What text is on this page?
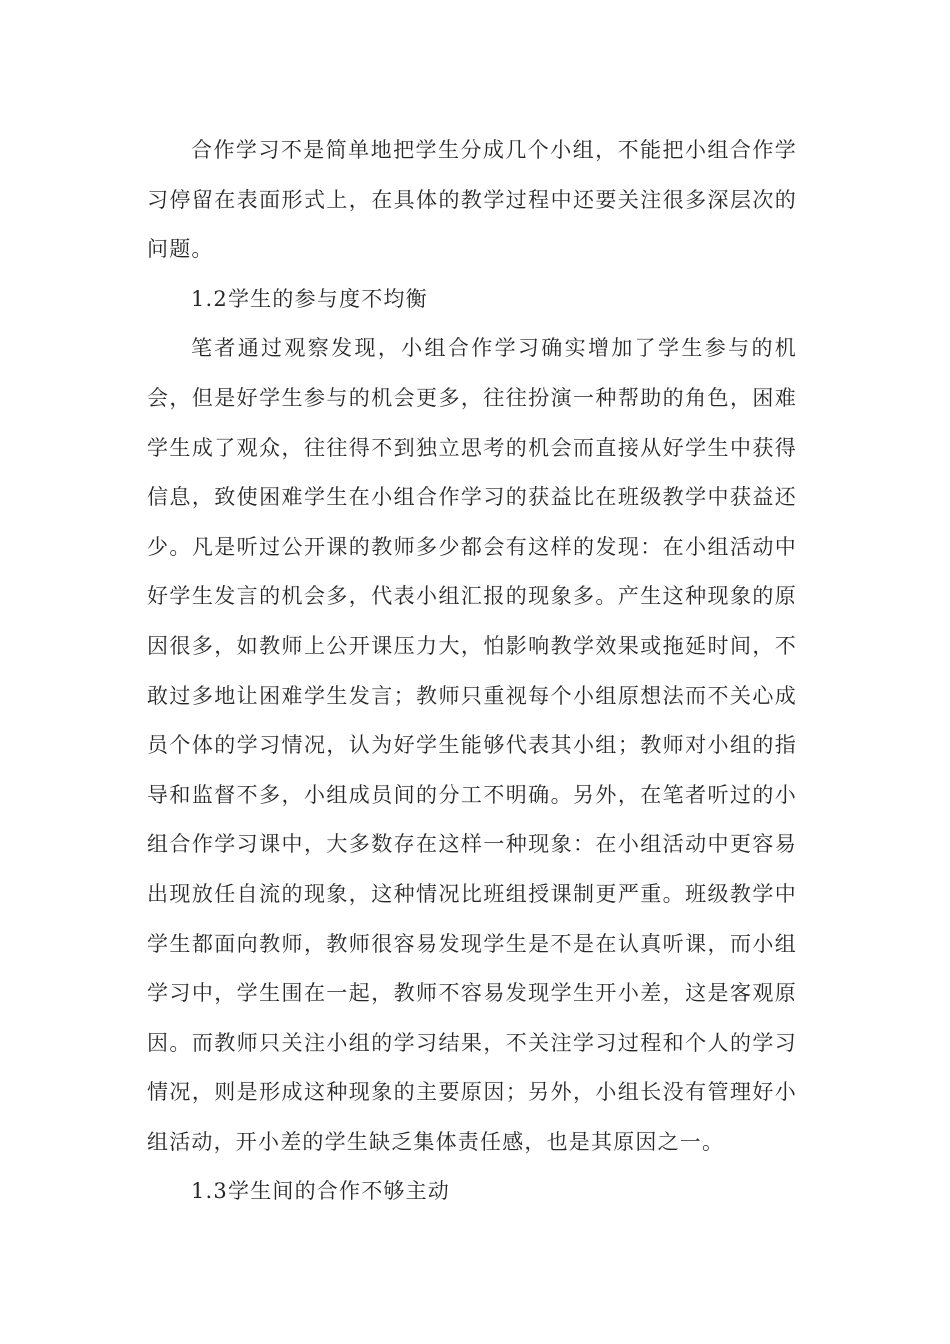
合作学习不是简单地把学生分成几个小组，不能把小组合作学习停留在表面形式上，在具体的教学过程中还要关注很多深层次的问题。

1.2学生的参与度不均衡

笔者通过观察发现，小组合作学习确实增加了学生参与的机会，但是好学生参与的机会更多，往往扮演一种帮助的角色，困难学生成了观众，往往得不到独立思考的机会而直接从好学生中获得信息，致使困难学生在小组合作学习的获益比在班级教学中获益还少。凡是听过公开课的教师多少都会有这样的发现：在小组活动中好学生发言的机会多，代表小组汇报的现象多。产生这种现象的原因很多，如教师上公开课压力大，怕影响教学效果或拖延时间，不敢过多地让困难学生发言；教师只重视每个小组原想法而不关心成员个体的学习情况，认为好学生能够代表其小组；教师对小组的指导和监督不多，小组成员间的分工不明确。另外，在笔者听过的小组合作学习课中，大多数存在这样一种现象：在小组活动中更容易出现放任自流的现象，这种情况比班组授课制更严重。班级教学中学生都面向教师，教师很容易发现学生是不是在认真听课，而小组学习中，学生围在一起，教师不容易发现学生开小差，这是客观原因。而教师只关注小组的学习结果，不关注学习过程和个人的学习情况，则是形成这种现象的主要原因；另外，小组长没有管理好小组活动，开小差的学生缺乏集体责任感，也是其原因之一。

1.3学生间的合作不够主动
